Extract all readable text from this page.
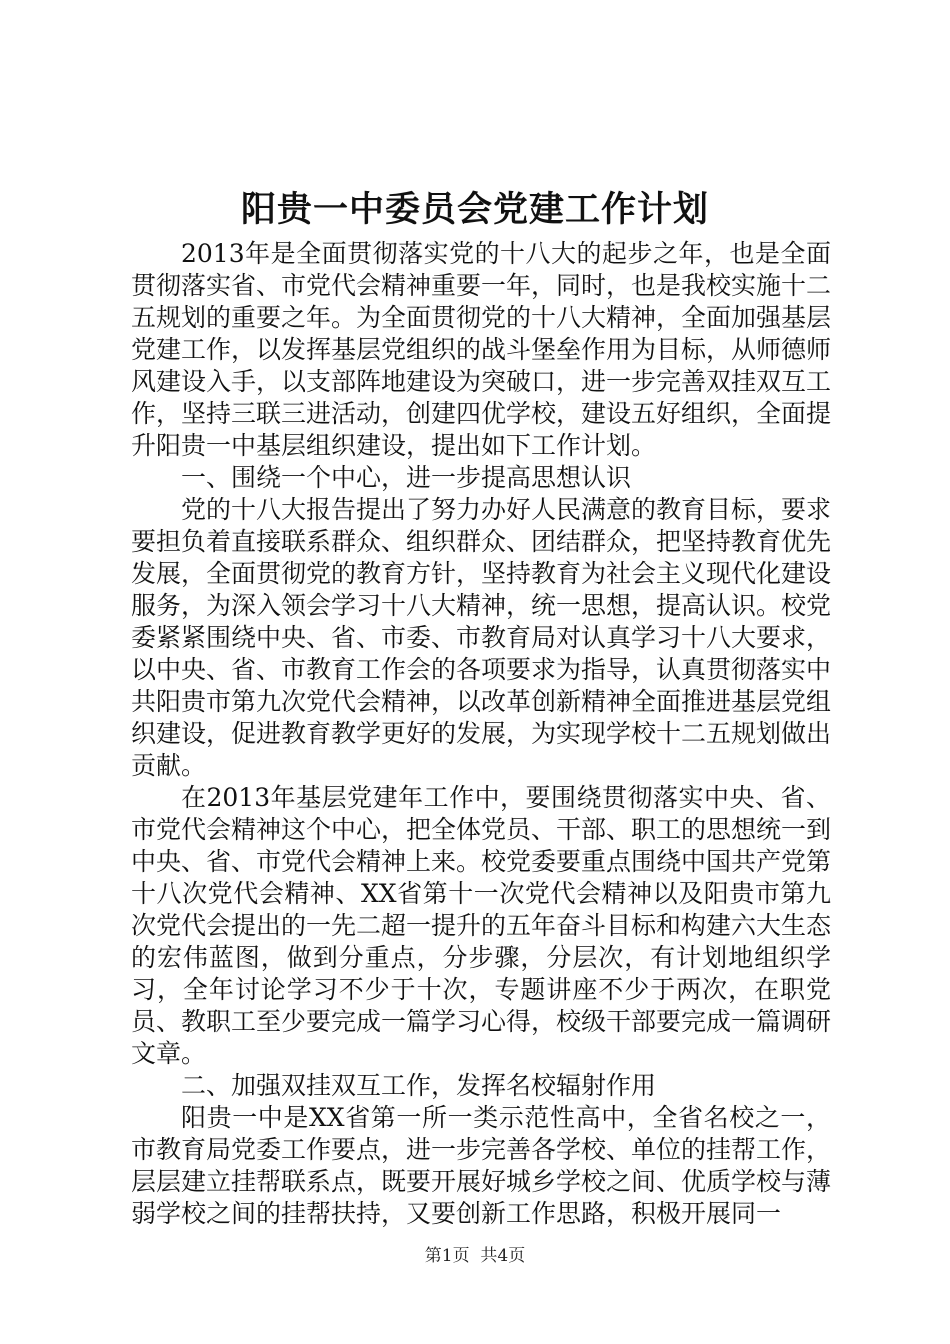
阳贵一中委员会党建工作计划

2013年是全面贯彻落实党的十八大的起步之年，也是全面贯彻落实省、市党代会精神重要一年，同时，也是我校实施十二五规划的重要之年。为全面贯彻党的十八大精神，全面加强基层党建工作，以发挥基层党组织的战斗堡垒作用为目标，从师德师风建设入手，以支部阵地建设为突破口，进一步完善双挂双互工作，坚持三联三进活动，创建四优学校，建设五好组织，全面提升阳贵一中基层组织建设，提出如下工作计划。

一、围绕一个中心，进一步提高思想认识

党的十八大报告提出了努力办好人民满意的教育目标，要求要担负着直接联系群众、组织群众、团结群众，把坚持教育优先发展，全面贯彻党的教育方针，坚持教育为社会主义现代化建设服务，为深入领会学习十八大精神，统一思想，提高认识。校党委紧紧围绕中央、省、市委、市教育局对认真学习十八大要求，以中央、省、市教育工作会的各项要求为指导，认真贯彻落实中共阳贵市第九次党代会精神，以改革创新精神全面推进基层党组织建设，促进教育教学更好的发展，为实现学校十二五规划做出贡献。

在2013年基层党建年工作中，要围绕贯彻落实中央、省、市党代会精神这个中心，把全体党员、干部、职工的思想统一到中央、省、市党代会精神上来。校党委要重点围绕中国共产党第十八次党代会精神、XX省第十一次党代会精神以及阳贵市第九次党代会提出的一先二超一提升的五年奋斗目标和构建六大生态的宏伟蓝图，做到分重点，分步骤，分层次，有计划地组织学习，全年讨论学习不少于十次，专题讲座不少于两次，在职党员、教职工至少要完成一篇学习心得，校级干部要完成一篇调研文章。

二、加强双挂双互工作，发挥名校辐射作用

阳贵一中是XX省第一所一类示范性高中，全省名校之一，市教育局党委工作要点，进一步完善各学校、单位的挂帮工作，层层建立挂帮联系点，既要开展好城乡学校之间、优质学校与薄弱学校之间的挂帮扶持，又要创新工作思路，积极开展同一

第1页 共4页
